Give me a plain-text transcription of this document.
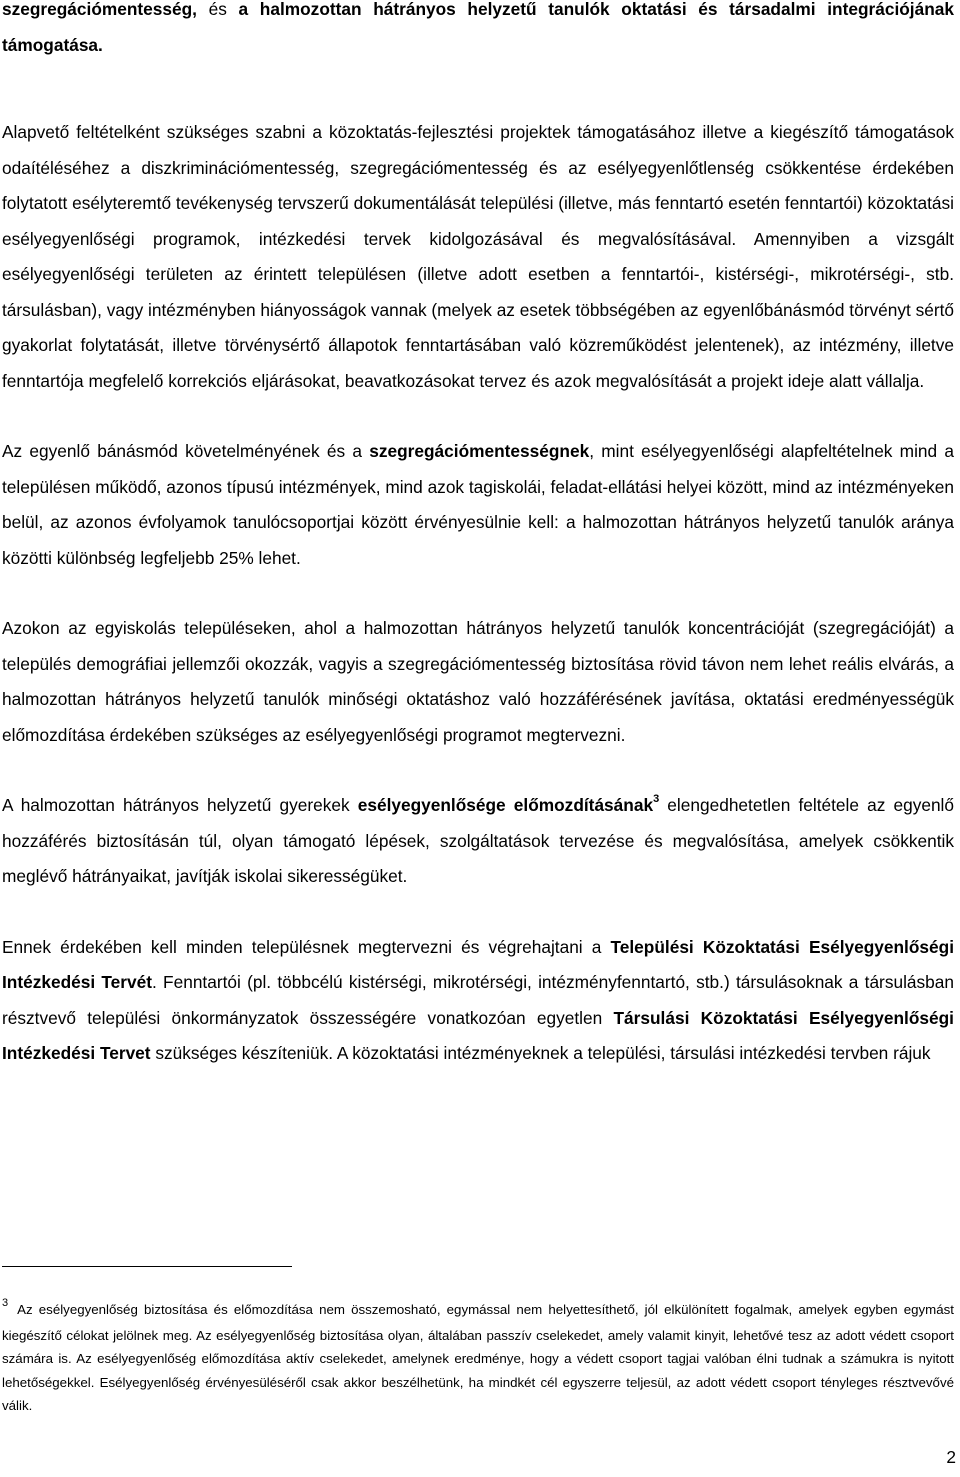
szegregációmentesség, és a halmozottan hátrányos helyzetű tanulók oktatási és társadalmi integrációjának támogatása.

Alapvető feltételként szükséges szabni a közoktatás-fejlesztési projektek támogatásához illetve a kiegészítő támogatások odaítéléséhez a diszkriminációmentesség, szegregációmentesség és az esélyegyenlőtlenség csökkentése érdekében folytatott esélyteremtő tevékenység tervszerű dokumentálását települési (illetve, más fenntartó esetén fenntartói) közoktatási esélyegyenlőségi programok, intézkedési tervek kidolgozásával és megvalósításával. Amennyiben a vizsgált esélyegyenlőségi területen az érintett településen (illetve adott esetben a fenntartói-, kistérségi-, mikrotérségi-, stb. társulásban), vagy intézményben hiányosságok vannak (melyek az esetek többségében az egyenlőbánásmód törvényt sértő gyakorlat folytatását, illetve törvénysértő állapotok fenntartásában való közreműködést jelentenek), az intézmény, illetve fenntartója megfelelő korrekciós eljárásokat, beavatkozásokat tervez és azok megvalósítását a projekt ideje alatt vállalja.

Az egyenlő bánásmód követelményének és a szegregációmentességnek, mint esélyegyenlőségi alapfeltételnek mind a településen működő, azonos típusú intézmények, mind azok tagiskolái, feladat-ellátási helyei között, mind az intézményeken belül, az azonos évfolyamok tanulócsoportjai között érvényesülnie kell: a halmozottan hátrányos helyzetű tanulók aránya közötti különbség legfeljebb 25% lehet.

Azokon az egyiskolás településeken, ahol a halmozottan hátrányos helyzetű tanulók koncentrációját (szegregációját) a település demográfiai jellemzői okozzák, vagyis a szegregációmentesség biztosítása rövid távon nem lehet reális elvárás, a halmozottan hátrányos helyzetű tanulók minőségi oktatáshoz való hozzáférésének javítása, oktatási eredményességük előmozdítása érdekében szükséges az esélyegyenlőségi programot megtervezni.

A halmozottan hátrányos helyzetű gyerekek esélyegyenlősége előmozdításának$^3$ elengedhetetlen feltétele az egyenlő hozzáférés biztosításán túl, olyan támogató lépések, szolgáltatások tervezése és megvalósítása, amelyek csökkentik meglévő hátrányaikat, javítják iskolai sikerességüket.

Ennek érdekében kell minden településnek megtervezni és végrehajtani a Települési Közoktatási Esélyegyenlőségi Intézkedési Tervét. Fenntartói (pl. többcélú kistérségi, mikrotérségi, intézményfenntartó, stb.) társulásoknak a társulásban résztvevő települési önkormányzatok összességére vonatkozóan egyetlen Társulási Közoktatási Esélyegyenlőségi Intézkedési Tervet szükséges készíteniük. A közoktatási intézményeknek a települési, társulási intézkedési tervben rájuk

$^3$ Az esélyegyenlőség biztosítása és előmozdítása nem összemosható, egymással nem helyettesíthető, jól elkülönített fogalmak, amelyek egyben egymást kiegészítő célokat jelölnek meg. Az esélyegyenlőség biztosítása olyan, általában passzív cselekedet, amely valamit kinyit, lehetővé tesz az adott védett csoport számára is. Az esélyegyenlőség előmozdítása aktív cselekedet, amelynek eredménye, hogy a védett csoport tagjai valóban élni tudnak a számukra is nyitott lehetőségekkel. Esélyegyenlőség érvényesüléséről csak akkor beszélhetünk, ha mindkét cél egyszerre teljesül, az adott védett csoport tényleges résztvevővé válik.

2
